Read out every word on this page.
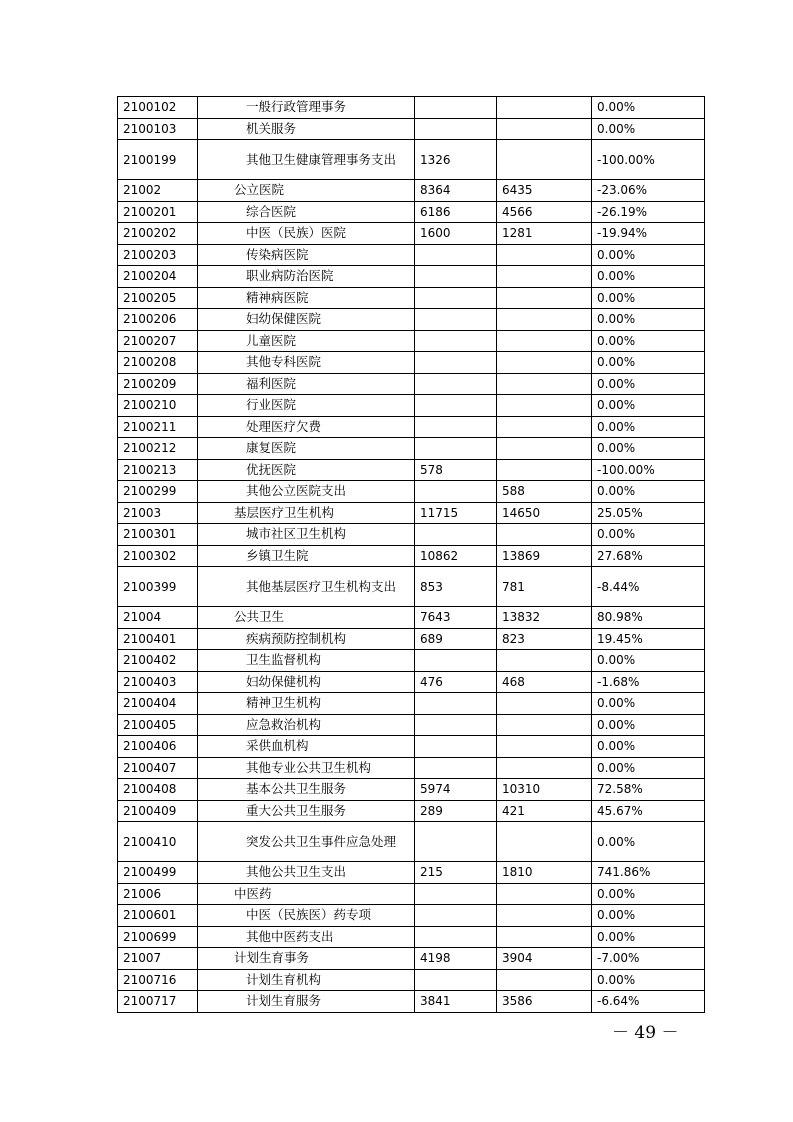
2100102	一般行政管理事务			0.00%
2100103	机关服务			0.00%
2100199	其他卫生健康管理事务支出	1326		-100.00%
21002	公立医院	8364	6435	-23.06%
2100201	综合医院	6186	4566	-26.19%
2100202	中医（民族）医院	1600	1281	-19.94%
2100203	传染病医院			0.00%
2100204	职业病防治医院			0.00%
2100205	精神病医院			0.00%
2100206	妇幼保健医院			0.00%
2100207	儿童医院			0.00%
2100208	其他专科医院			0.00%
2100209	福利医院			0.00%
2100210	行业医院			0.00%
2100211	处理医疗欠费			0.00%
2100212	康复医院			0.00%
2100213	优抚医院	578		-100.00%
2100299	其他公立医院支出		588	0.00%
21003	基层医疗卫生机构	11715	14650	25.05%
2100301	城市社区卫生机构			0.00%
2100302	乡镇卫生院	10862	13869	27.68%
2100399	其他基层医疗卫生机构支出	853	781	-8.44%
21004	公共卫生	7643	13832	80.98%
2100401	疾病预防控制机构	689	823	19.45%
2100402	卫生监督机构			0.00%
2100403	妇幼保健机构	476	468	-1.68%
2100404	精神卫生机构			0.00%
2100405	应急救治机构			0.00%
2100406	采供血机构			0.00%
2100407	其他专业公共卫生机构			0.00%
2100408	基本公共卫生服务	5974	10310	72.58%
2100409	重大公共卫生服务	289	421	45.67%
2100410	突发公共卫生事件应急处理			0.00%
2100499	其他公共卫生支出	215	1810	741.86%
21006	中医药			0.00%
2100601	中医（民族医）药专项			0.00%
2100699	其他中医药支出			0.00%
21007	计划生育事务	4198	3904	-7.00%
2100716	计划生育机构			0.00%
2100717	计划生育服务	3841	3586	-6.64%
－ 49 －
